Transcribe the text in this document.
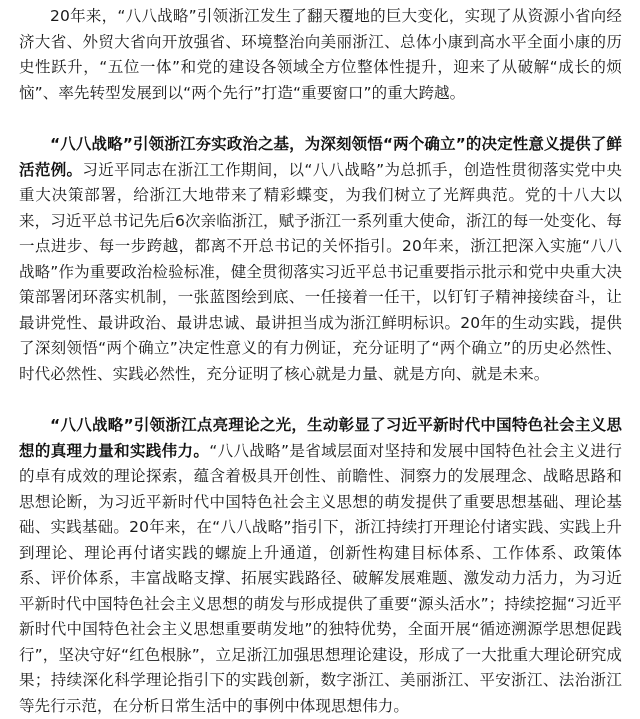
20年来，“八八战略”引领浙江发生了翻天覆地的巨大变化，实现了从资源小省向经济大省、外贸大省向开放强省、环境整治向美丽浙江、总体小康到高水平全面小康的历史性跃升，“五位一体”和党的建设各领域全方位整体性提升，迎来了从破解“成长的烦恼”、率先转型发展到以“两个先行”打造“重要窗口”的重大跨越。

“八八战略”引领浙江夯实政治之基，为深刻领悟“两个确立”的决定性意义提供了鲜活范例。习近平同志在浙江工作期间，以“八八战略”为总抓手，创造性贯彻落实党中央重大决策部署，给浙江大地带来了精彩蝶变，为我们树立了光辉典范。党的十八大以来，习近平总书记先后6次亲临浙江，赋予浙江一系列重大使命，浙江的每一处变化、每一点进步、每一步跨越，都离不开总书记的关怀指引。20年来，浙江把深入实施“八八战略”作为重要政治检验标准，健全贯彻落实习近平总书记重要指示批示和党中央重大决策部署闭环落实机制，一张蓝图绘到底、一任接着一任干，以钉钉子精神接续奋斗，让最讲党性、最讲政治、最讲忠诚、最讲担当成为浙江鲜明标识。20年的生动实践，提供了深刻领悟“两个确立”决定性意义的有力例证，充分证明了“两个确立”的历史必然性、时代必然性、实践必然性，充分证明了核心就是力量、就是方向、就是未来。

“八八战略”引领浙江点亮理论之光，生动彰显了习近平新时代中国特色社会主义思想的真理力量和实践伟力。“八八战略”是省域层面对坚持和发展中国特色社会主义进行的卓有成效的理论探索，蕴含着极具开创性、前瞻性、洞察力的发展理念、战略思路和思想论断，为习近平新时代中国特色社会主义思想的萌发提供了重要思想基础、理论基础、实践基础。20年来，在“八八战略”指引下，浙江持续打开理论付诸实践、实践上升到理论、理论再付诸实践的螺旋上升通道，创新性构建目标体系、工作体系、政策体系、评价体系，丰富战略支撑、拓展实践路径、破解发展难题、激发动力活力，为习近平新时代中国特色社会主义思想的萌发与形成提供了重要“源头活水”；持续挖掘“习近平新时代中国特色社会主义思想重要萌发地”的独特优势，全面开展“循迹溯源学思想促践行”，坚决守好“红色根脉”，立足浙江加强思想理论建设，形成了一大批重大理论研究成果；持续深化科学理论指引下的实践创新，数字浙江、美丽浙江、平安浙江、法治浙江等先行示范，在分析日常生活中的事例中体现思想伟力。
